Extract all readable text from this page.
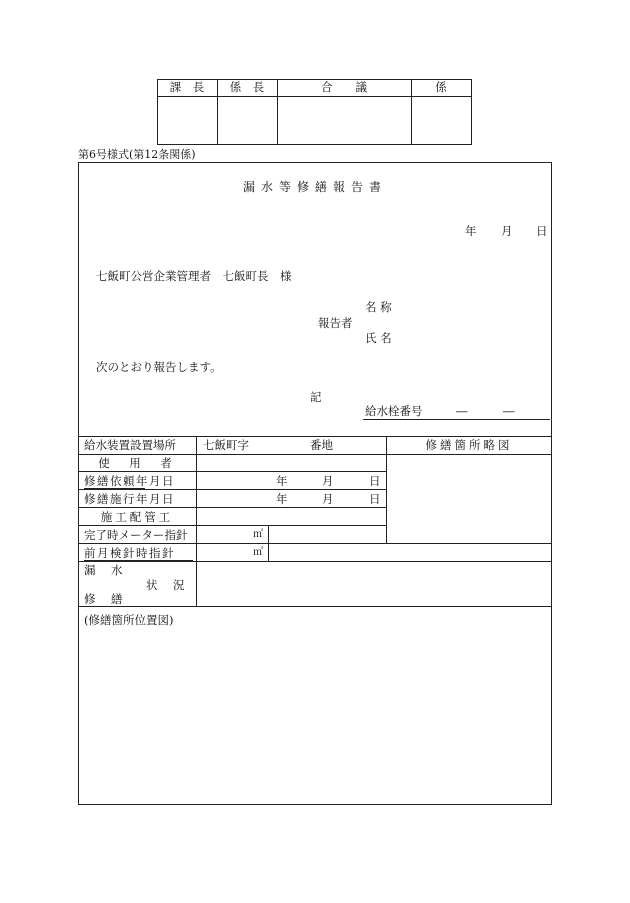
課　長	係　長	合　　議	係
第6号様式(第12条関係)
漏水等修繕報告書
年 月 日
七飯町公営企業管理者　七飯町長　様
名 称
報告者
氏 名
次のとおり報告します。
記
給水栓番号	―	―
給水装置設置場所 七飯町字	番地	修繕箇所略図
使　用　者
修繕依頼年月日	年	月	日
修繕施行年月日	年	月	日
施工配管工
完了時メーター指針	㎥
前月検針時指針	㎥
漏　水
状　況
修　繕
(修繕箇所位置図)
